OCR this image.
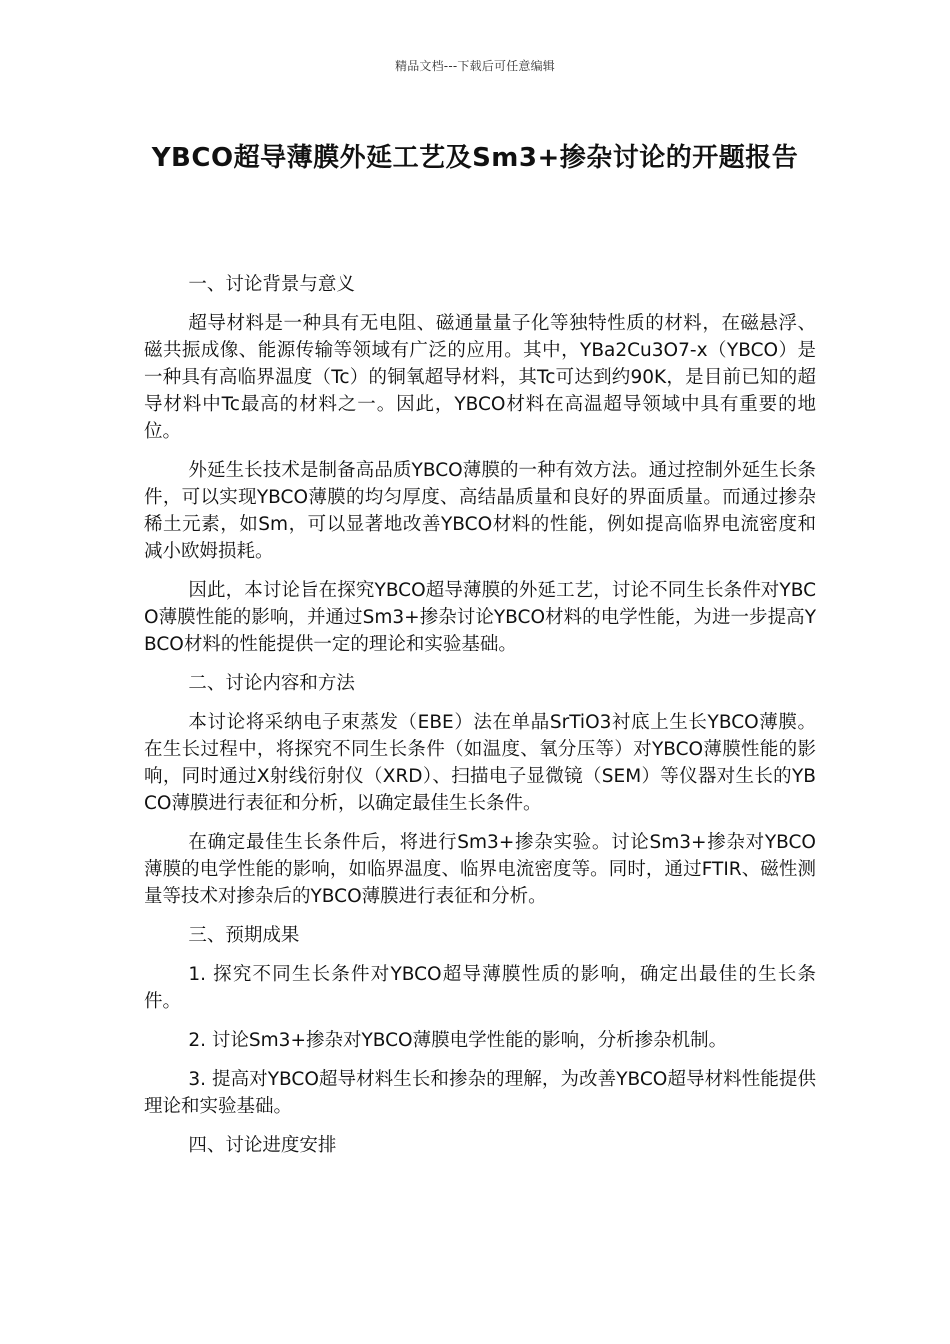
精品文档---下载后可任意编辑
YBCO超导薄膜外延工艺及Sm3+掺杂讨论的开题报告

一、讨论背景与意义

超导材料是一种具有无电阻、磁通量量子化等独特性质的材料，在磁悬浮、磁共振成像、能源传输等领域有广泛的应用。其中，YBa2Cu3O7-x（YBCO）是一种具有高临界温度（Tc）的铜氧超导材料，其Tc可达到约90K，是目前已知的超导材料中Tc最高的材料之一。因此，YBCO材料在高温超导领域中具有重要的地位。

外延生长技术是制备高品质YBCO薄膜的一种有效方法。通过控制外延生长条件，可以实现YBCO薄膜的均匀厚度、高结晶质量和良好的界面质量。而通过掺杂稀土元素，如Sm，可以显著地改善YBCO材料的性能，例如提高临界电流密度和减小欧姆损耗。

因此，本讨论旨在探究YBCO超导薄膜的外延工艺，讨论不同生长条件对YBCO薄膜性能的影响，并通过Sm3+掺杂讨论YBCO材料的电学性能，为进一步提高YBCO材料的性能提供一定的理论和实验基础。

二、讨论内容和方法

本讨论将采纳电子束蒸发（EBE）法在单晶SrTiO3衬底上生长YBCO薄膜。在生长过程中，将探究不同生长条件（如温度、氧分压等）对YBCO薄膜性能的影响，同时通过X射线衍射仪（XRD）、扫描电子显微镜（SEM）等仪器对生长的YBCO薄膜进行表征和分析，以确定最佳生长条件。

在确定最佳生长条件后，将进行Sm3+掺杂实验。讨论Sm3+掺杂对YBCO薄膜的电学性能的影响，如临界温度、临界电流密度等。同时，通过FTIR、磁性测量等技术对掺杂后的YBCO薄膜进行表征和分析。

三、预期成果

1. 探究不同生长条件对YBCO超导薄膜性质的影响，确定出最佳的生长条件。

2. 讨论Sm3+掺杂对YBCO薄膜电学性能的影响，分析掺杂机制。

3. 提高对YBCO超导材料生长和掺杂的理解，为改善YBCO超导材料性能提供理论和实验基础。

四、讨论进度安排
